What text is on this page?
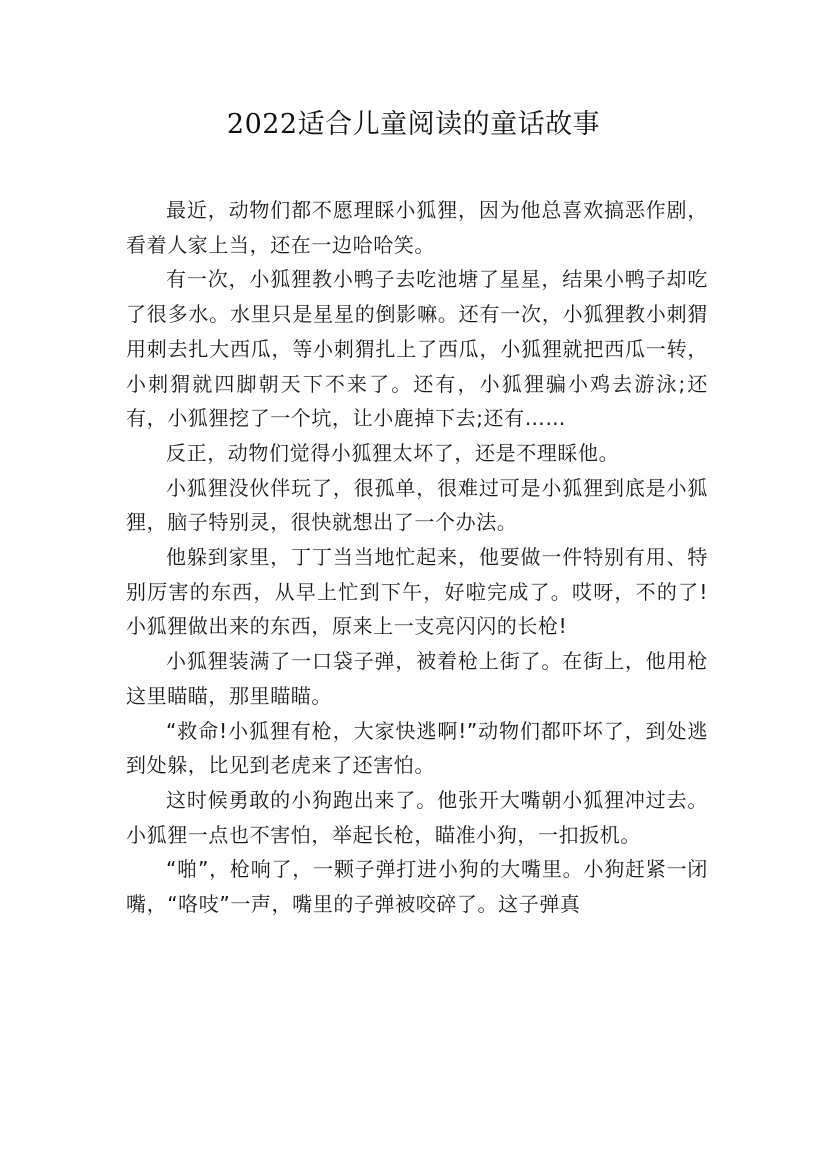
2022适合儿童阅读的童话故事

最近，动物们都不愿理睬小狐狸，因为他总喜欢搞恶作剧，看着人家上当，还在一边哈哈笑。

有一次，小狐狸教小鸭子去吃池塘了星星，结果小鸭子却吃了很多水。水里只是星星的倒影嘛。还有一次，小狐狸教小刺猬用刺去扎大西瓜，等小刺猬扎上了西瓜，小狐狸就把西瓜一转，小刺猬就四脚朝天下不来了。还有，小狐狸骗小鸡去游泳;还有，小狐狸挖了一个坑，让小鹿掉下去;还有……

反正，动物们觉得小狐狸太坏了，还是不理睬他。

小狐狸没伙伴玩了，很孤单，很难过可是小狐狸到底是小狐狸，脑子特别灵，很快就想出了一个办法。

他躲到家里，丁丁当当地忙起来，他要做一件特别有用、特别厉害的东西，从早上忙到下午，好啦完成了。哎呀，不的了!小狐狸做出来的东西，原来上一支亮闪闪的长枪!

小狐狸装满了一口袋子弹，被着枪上街了。在街上，他用枪这里瞄瞄，那里瞄瞄。

“救命!小狐狸有枪，大家快逃啊!”动物们都吓坏了，到处逃到处躲，比见到老虎来了还害怕。

这时候勇敢的小狗跑出来了。他张开大嘴朝小狐狸冲过去。小狐狸一点也不害怕，举起长枪，瞄准小狗，一扣扳机。

“啪”，枪响了，一颗子弹打进小狗的大嘴里。小狗赶紧一闭嘴，“咯吱”一声，嘴里的子弹被咬碎了。这子弹真
